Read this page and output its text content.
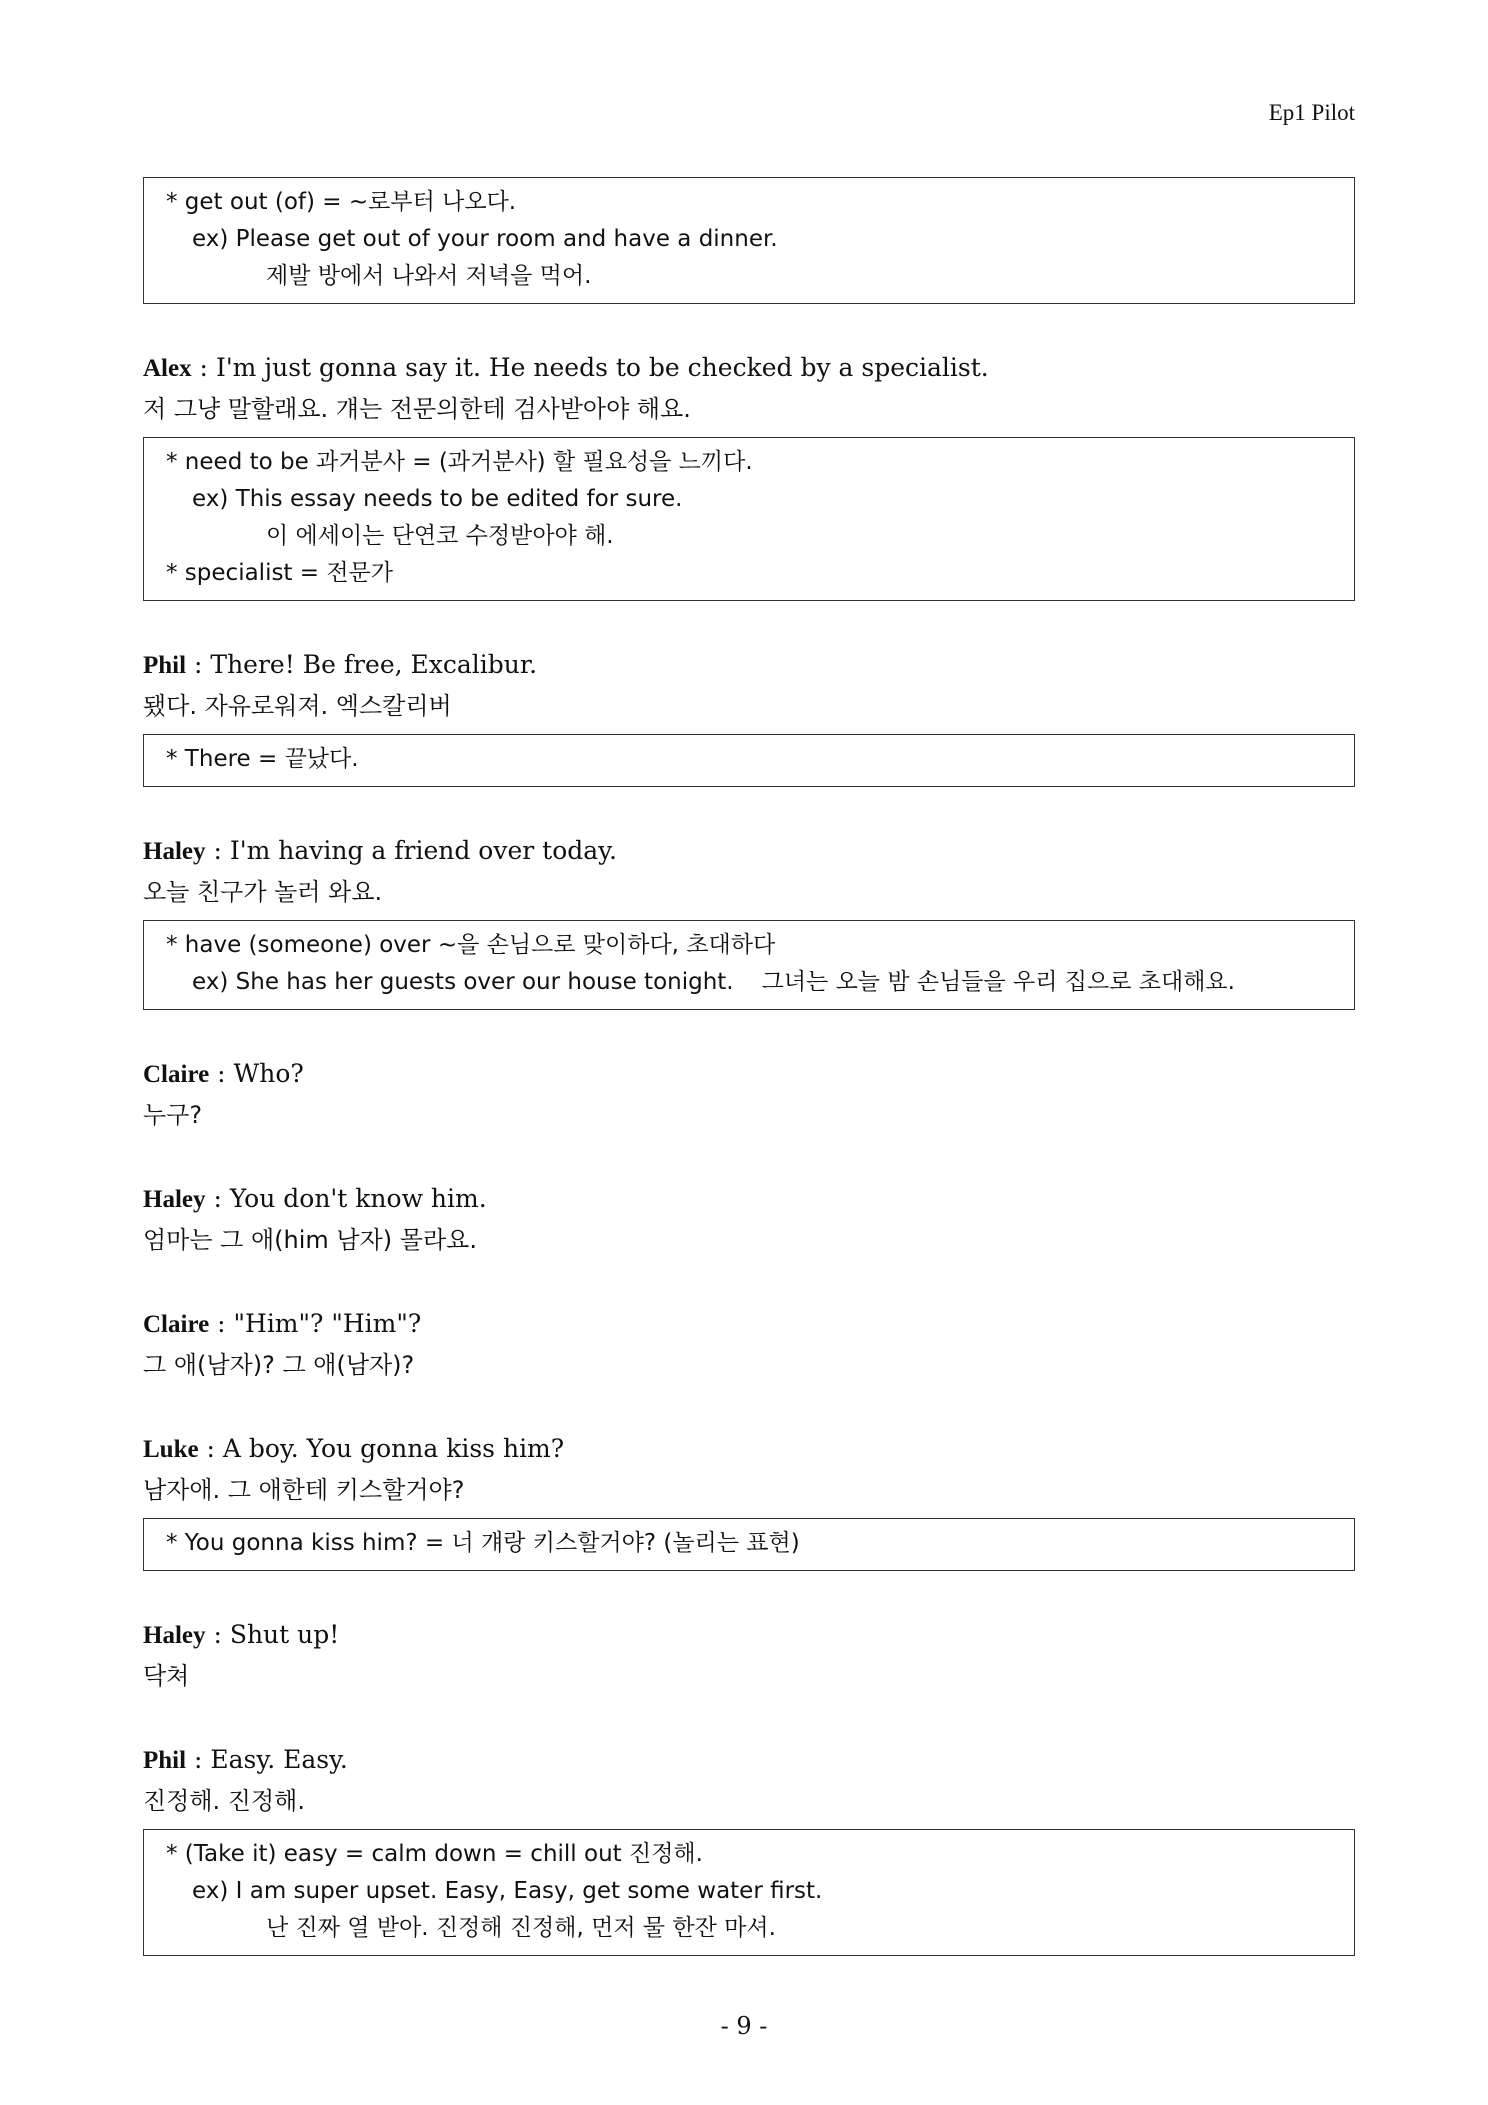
Ep1 Pilot
* get out (of) = ~로부터 나오다.
ex) Please get out of your room and have a dinner.
제발 방에서 나와서 저녁을 먹어.
Alex : I'm just gonna say it. He needs to be checked by a specialist.
저 그냥 말할래요. 걔는 전문의한테 검사받아야 해요.
* need to be 과거분사 = (과거분사) 할 필요성을 느끼다.
ex) This essay needs to be edited for sure.
이 에세이는 단연코 수정받아야 해.
* specialist = 전문가
Phil : There! Be free, Excalibur.
됐다. 자유로워져. 엑스칼리버
* There = 끝났다.
Haley : I'm having a friend over today.
오늘 친구가 놀러 와요.
* have (someone) over ~을 손님으로 맞이하다, 초대하다
ex) She has her guests over our house tonight. 그녀는 오늘 밤 손님들을 우리 집으로 초대해요.
Claire : Who?
누구?
Haley : You don't know him.
엄마는 그 애(him 남자) 몰라요.
Claire : "Him"? "Him"?
그 애(남자)? 그 애(남자)?
Luke : A boy. You gonna kiss him?
남자애. 그 애한테 키스할거야?
* You gonna kiss him? = 너 걔랑 키스할거야? (놀리는 표현)
Haley : Shut up!
닥쳐
Phil : Easy. Easy.
진정해. 진정해.
* (Take it) easy = calm down = chill out 진정해.
ex) I am super upset. Easy, Easy, get some water first.
난 진짜 열 받아. 진정해 진정해, 먼저 물 한잔 마셔.
- 9 -
